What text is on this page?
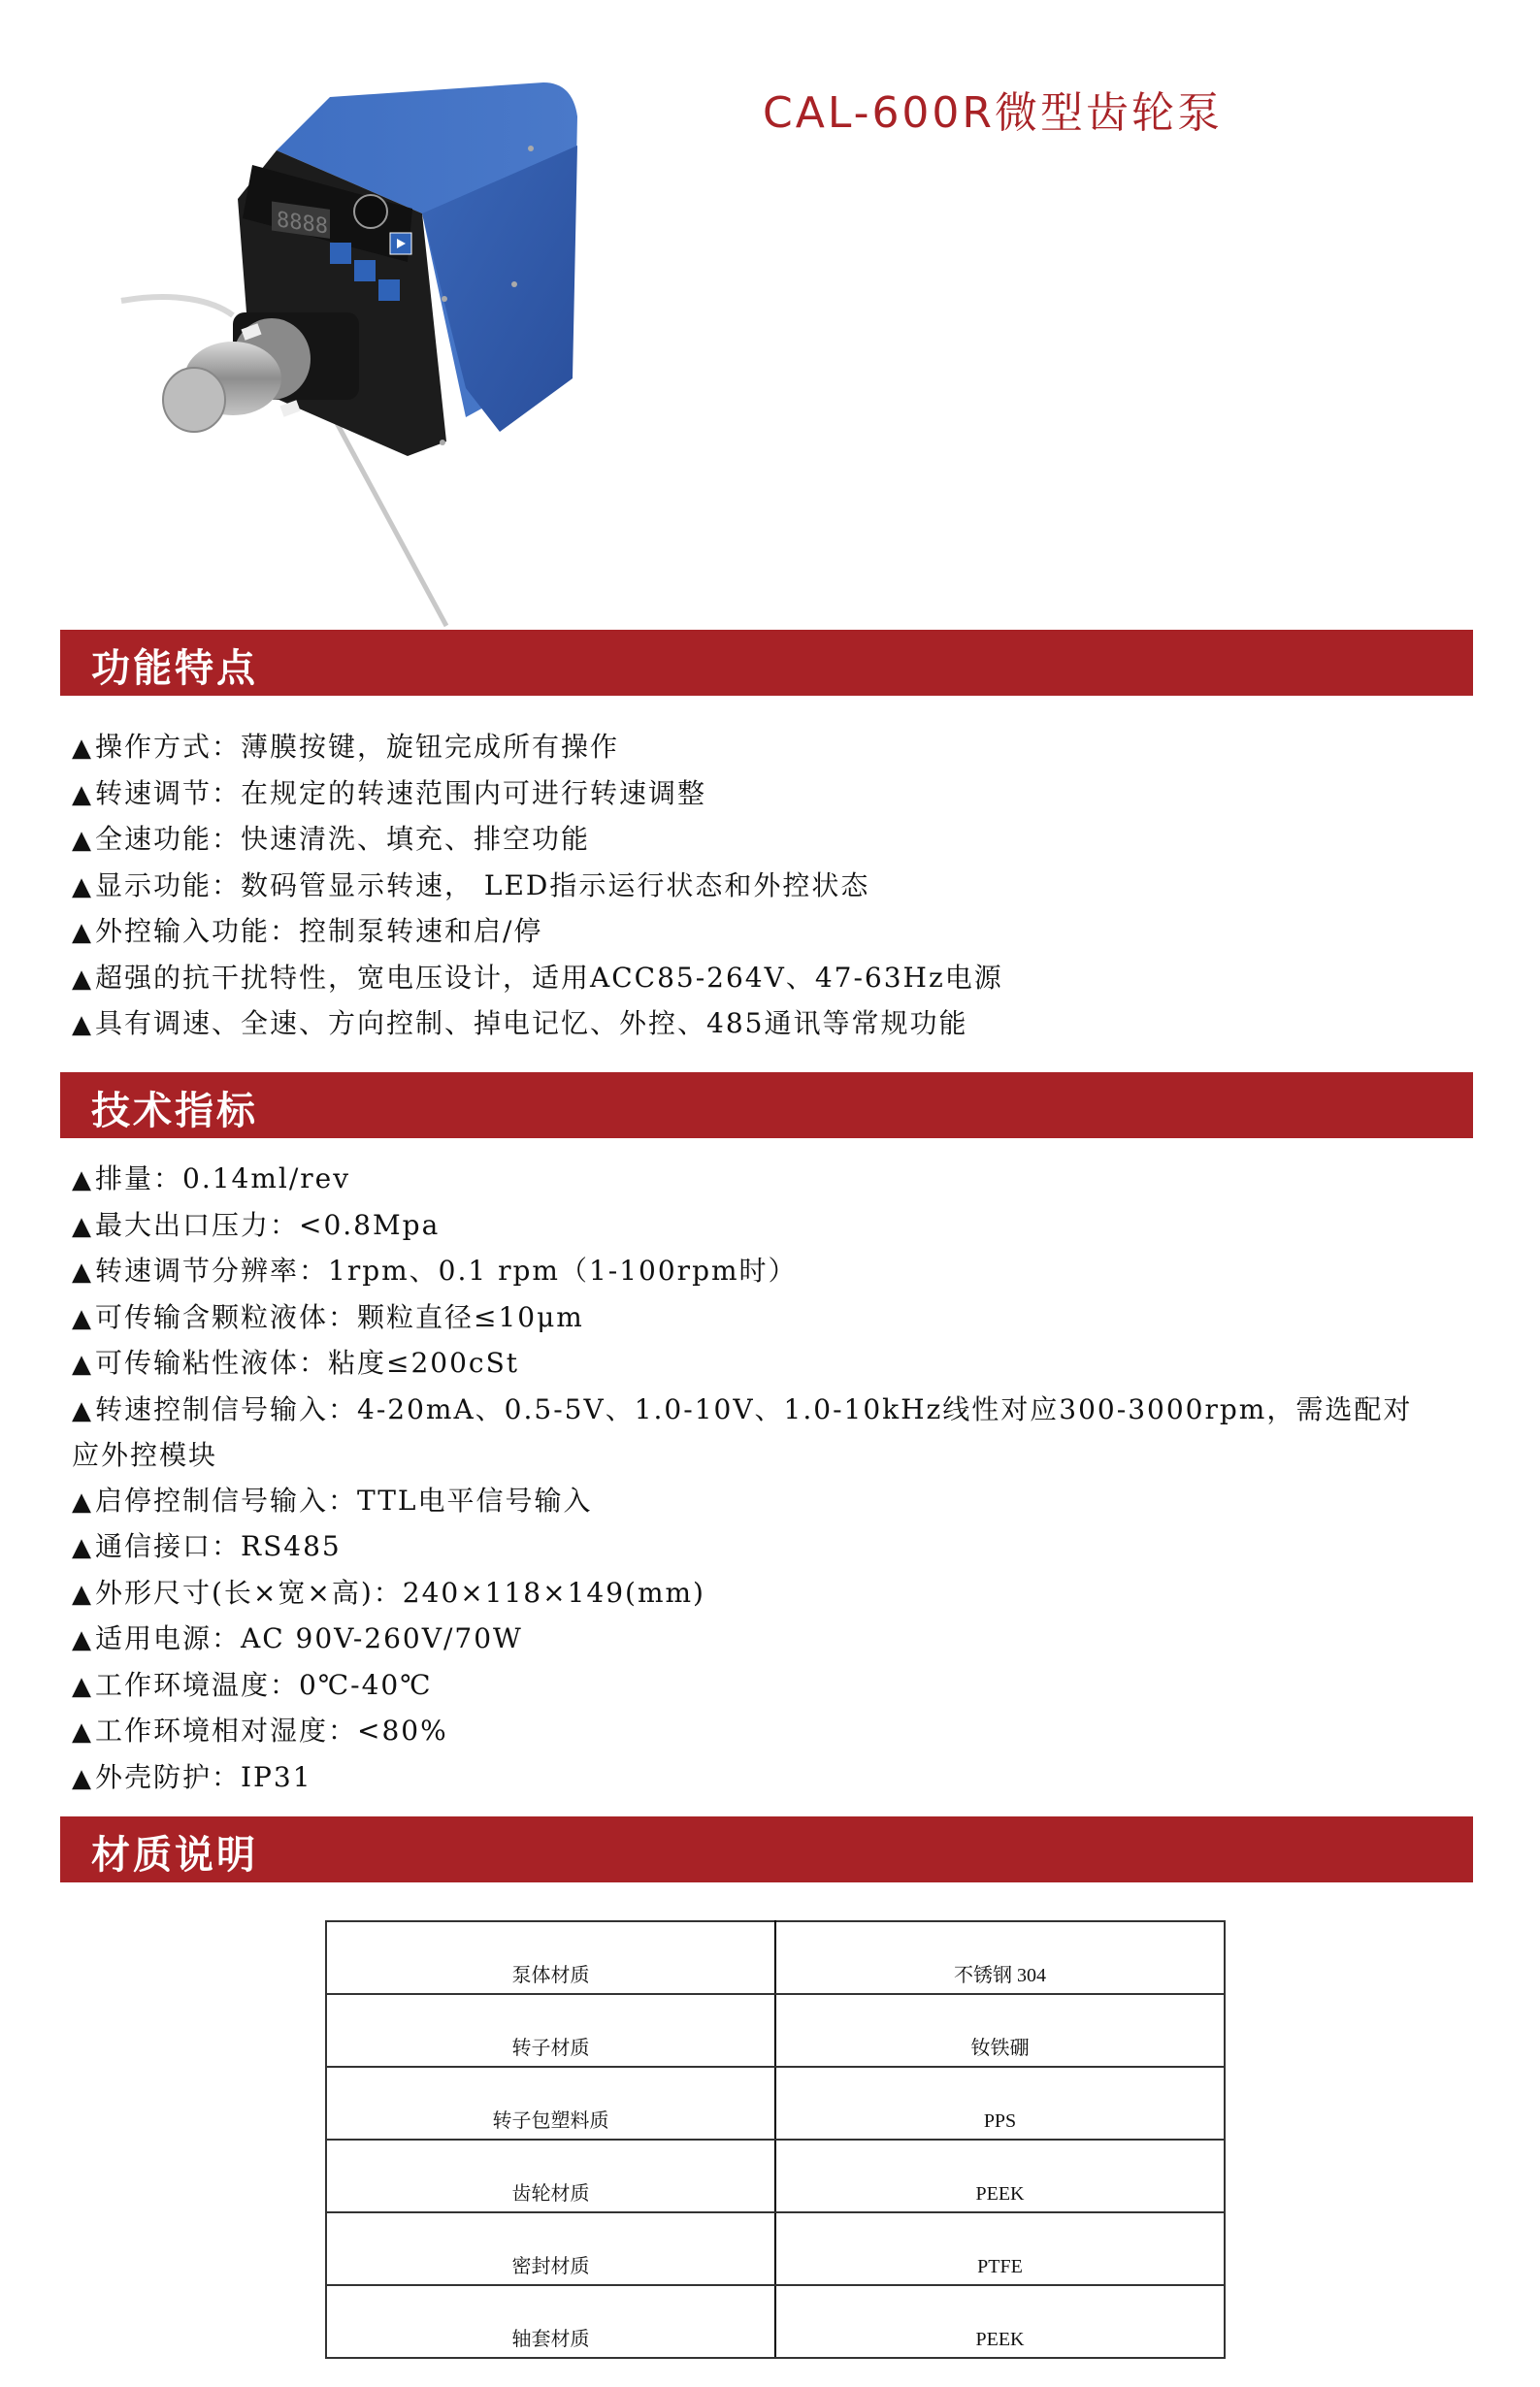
CAL-600R微型齿轮泵
8888
功能特点
▲操作方式：薄膜按键，旋钮完成所有操作
▲转速调节：在规定的转速范围内可进行转速调整
▲全速功能：快速清洗、填充、排空功能
▲显示功能：数码管显示转速， LED指示运行状态和外控状态
▲外控输入功能：控制泵转速和启/停
▲超强的抗干扰特性，宽电压设计，适用ACC85-264V、47-63Hz电源
▲具有调速、全速、方向控制、掉电记忆、外控、485通讯等常规功能
技术指标
▲排量：0.14ml/rev
▲最大出口压力：<0.8Mpa
▲转速调节分辨率：1rpm、0.1 rpm（1-100rpm时）
▲可传输含颗粒液体：颗粒直径≤10μm
▲可传输粘性液体：粘度≤200cSt
▲转速控制信号输入：4-20mA、0.5-5V、1.0-10V、1.0-10kHz线性对应300-3000rpm，需选配对应外控模块
▲启停控制信号输入：TTL电平信号输入
▲通信接口：RS485
▲外形尺寸(长×宽×高)：240×118×149(mm)
▲适用电源：AC 90V-260V/70W
▲工作环境温度：0℃-40℃
▲工作环境相对湿度：<80%
▲外壳防护：IP31
材质说明
泵体材质	不锈钢 304
转子材质	钕铁硼
转子包塑料质	PPS
齿轮材质	PEEK
密封材质	PTFE
轴套材质	PEEK
